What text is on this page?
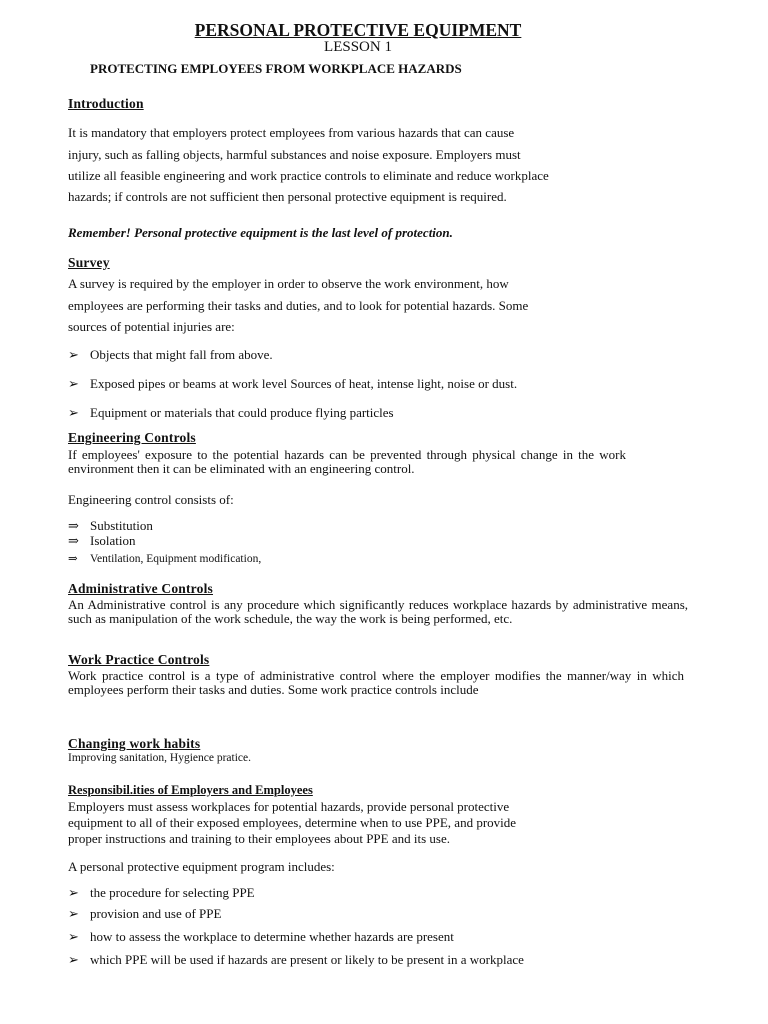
PERSONAL PROTECTIVE EQUIPMENT
LESSON 1
PROTECTING EMPLOYEES FROM WORKPLACE HAZARDS
Introduction
It is mandatory that employers protect employees from various hazards that can cause
injury, such as falling objects, harmful substances and noise exposure. Employers must
utilize all feasible engineering and work practice controls to eliminate and reduce workplace
hazards; if controls are not sufficient then personal protective equipment is required.
Remember! Personal protective equipment is the last level of protection.
Survey
A survey is required by the employer in order to observe the work environment, how
employees are performing their tasks and duties, and to look for potential hazards. Some
sources of potential injuries are:
➢ Objects that might fall from above.
➢ Exposed pipes or beams at work level Sources of heat, intense light, noise or dust.
➢ Equipment or materials that could produce flying particles
Engineering Controls
If employees' exposure to the potential hazards can be prevented through physical change in the work environment then it can be eliminated with an engineering control.
Engineering control consists of:
⇒ Substitution
⇒ Isolation
⇒ Ventilation, Equipment modification,
Administrative Controls
An Administrative control is any procedure which significantly reduces workplace hazards by administrative means, such as manipulation of the work schedule, the way the work is being performed, etc.
Work Practice Controls
Work practice control is a type of administrative control where the employer modifies the manner/way in which employees perform their tasks and duties. Some work practice controls include
Changing work habits
Improving sanitation, Hygience pratice.
Responsibil.ities of Employers and Employees
Employers must assess workplaces for potential hazards, provide personal protective
equipment to all of their exposed employees, determine when to use PPE, and provide
proper instructions and training to their employees about PPE and its use.
A personal protective equipment program includes:
➢ the procedure for selecting PPE
➢ provision and use of PPE
➢ how to assess the workplace to determine whether hazards are present
➢ which PPE will be used if hazards are present or likely to be present in a workplace
